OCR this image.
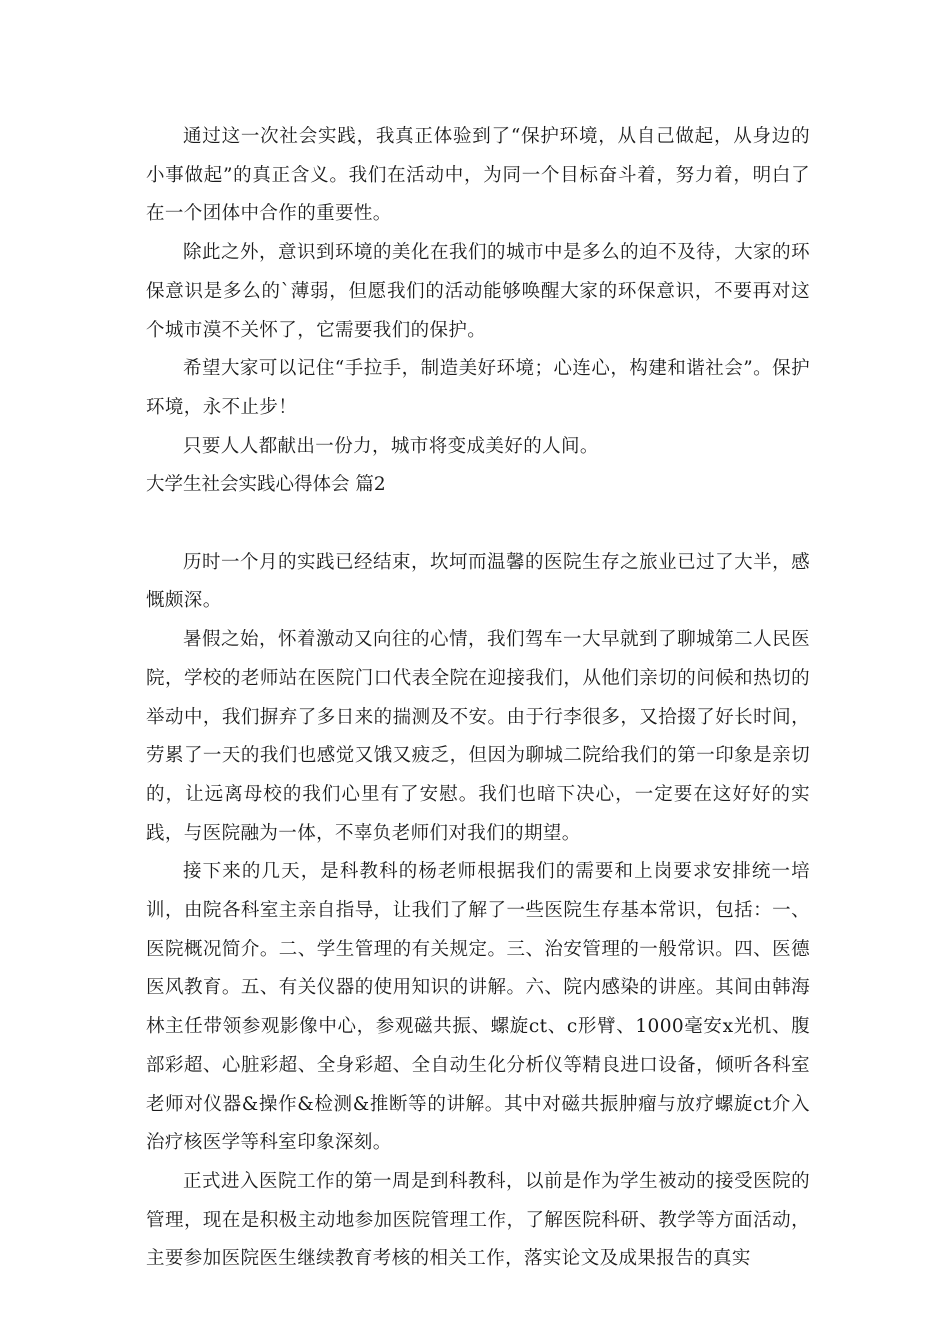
通过这一次社会实践，我真正体验到了“保护环境，从自己做起，从身边的小事做起”的真正含义。我们在活动中，为同一个目标奋斗着，努力着，明白了在一个团体中合作的重要性。

除此之外，意识到环境的美化在我们的城市中是多么的迫不及待，大家的环保意识是多么的`薄弱，但愿我们的活动能够唤醒大家的环保意识，不要再对这个城市漠不关怀了，它需要我们的保护。

希望大家可以记住“手拉手，制造美好环境；心连心，构建和谐社会”。保护环境，永不止步！

只要人人都献出一份力，城市将变成美好的人间。

大学生社会实践心得体会 篇2

历时一个月的实践已经结束，坎坷而温馨的医院生存之旅业已过了大半，感慨颇深。

暑假之始，怀着激动又向往的心情，我们驾车一大早就到了聊城第二人民医院，学校的老师站在医院门口代表全院在迎接我们，从他们亲切的问候和热切的举动中，我们摒弃了多日来的揣测及不安。由于行李很多，又拾掇了好长时间，劳累了一天的我们也感觉又饿又疲乏，但因为聊城二院给我们的第一印象是亲切的，让远离母校的我们心里有了安慰。我们也暗下决心，一定要在这好好的实践，与医院融为一体，不辜负老师们对我们的期望。

接下来的几天，是科教科的杨老师根据我们的需要和上岗要求安排统一培训，由院各科室主亲自指导，让我们了解了一些医院生存基本常识，包括：一、医院概况简介。二、学生管理的有关规定。三、治安管理的一般常识。四、医德医风教育。五、有关仪器的使用知识的讲解。六、院内感染的讲座。其间由韩海林主任带领参观影像中心，参观磁共振、螺旋ct、c形臂、1000毫安x光机、腹部彩超、心脏彩超、全身彩超、全自动生化分析仪等精良进口设备，倾听各科室老师对仪器&操作&检测&推断等的讲解。其中对磁共振肿瘤与放疗螺旋ct介入治疗核医学等科室印象深刻。

正式进入医院工作的第一周是到科教科，以前是作为学生被动的接受医院的管理，现在是积极主动地参加医院管理工作，了解医院科研、教学等方面活动，主要参加医院医生继续教育考核的相关工作，落实论文及成果报告的真实
